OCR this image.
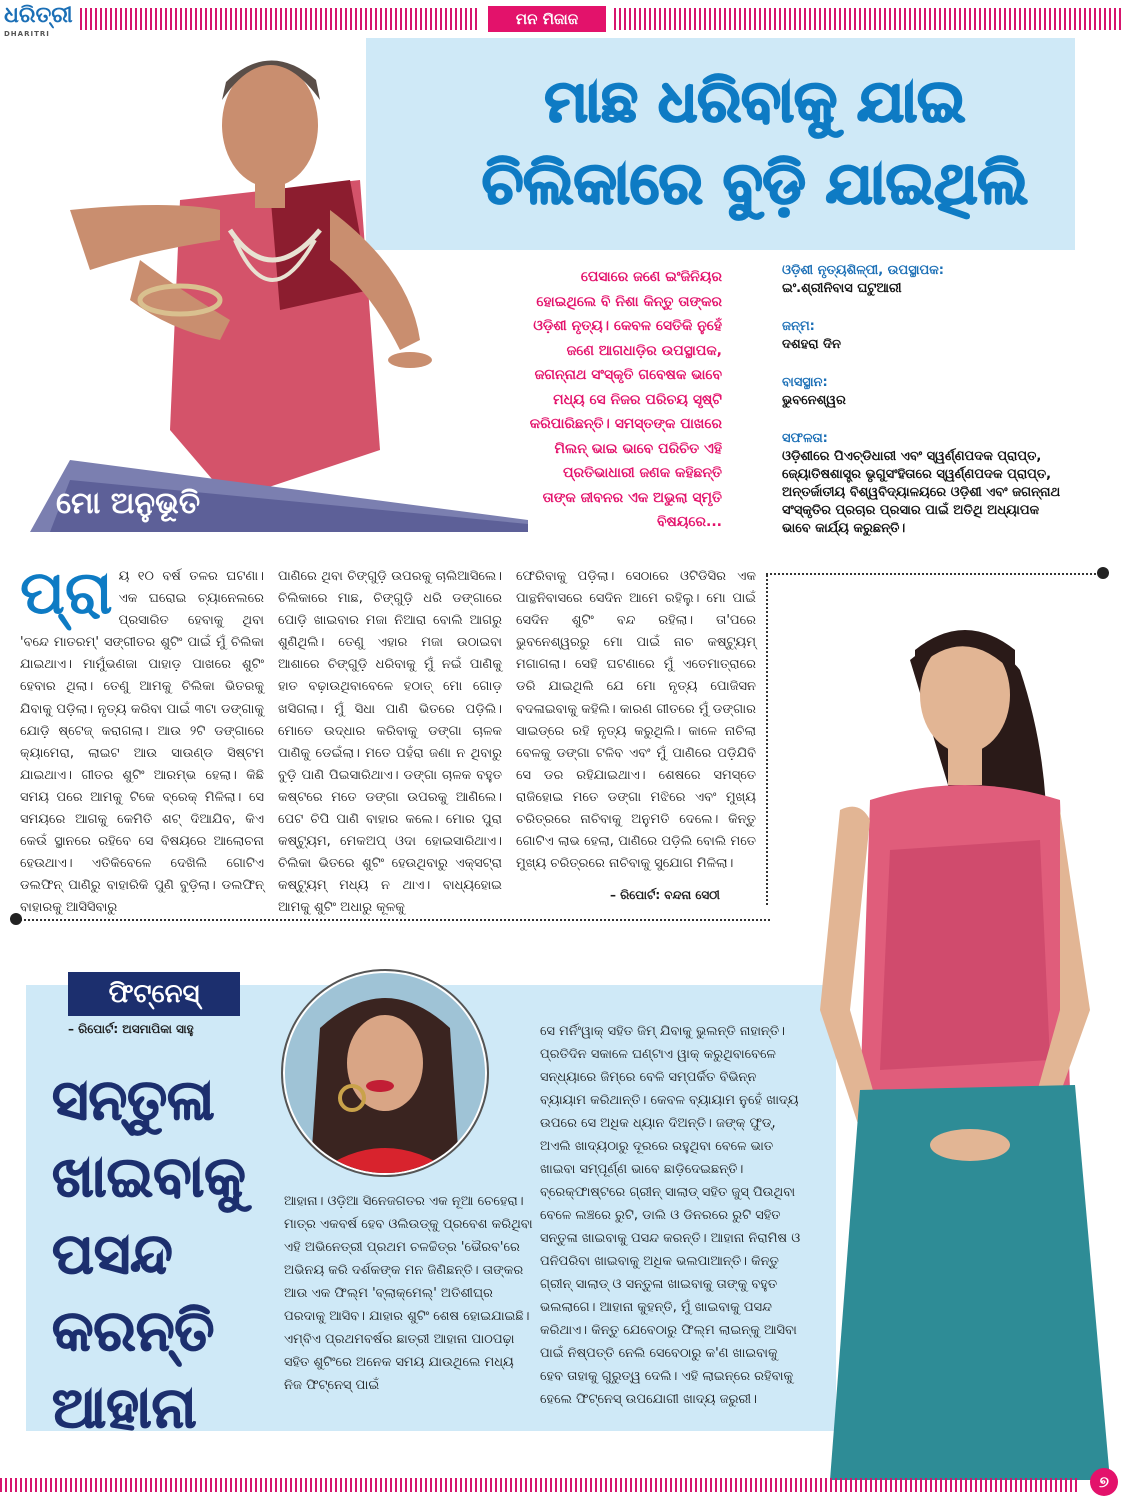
ଧରିତ୍ରୀ
DHARITRI
ମନ ମିଜାଜ
ମାଛ ଧରିବାକୁ ଯାଇ
ଚିଲିକାରେ ବୁଡ଼ି ଯାଇଥିଲି
ମୋ ଅନୁଭୂତି
ପେସାରେ ଜଣେ ଇଂଜିନିୟର ହୋଇଥିଲେ ବି ନିଶା କିନ୍ତୁ ତାଙ୍କର ଓଡ଼ିଶୀ ନୃତ୍ୟ। କେବଳ ସେତିକି ନୁହେଁ ଜଣେ ଆଗଧାଡ଼ିର ଉପସ୍ଥାପକ, ଜଗନ୍ନାଥ ସଂସ୍କୃତି ଗବେଷକ ଭାବେ ମଧ୍ୟ ସେ ନିଜର ପରିଚୟ ସୃଷ୍ଟି କରିପାରିଛନ୍ତି। ସମସ୍ତଙ୍କ ପାଖରେ ମିଲନ୍ ଭାଇ ଭାବେ ପରିଚିତ ଏହି ପ୍ରତିଭାଧାରୀ ଜଣକ କହିଛନ୍ତି ତାଙ୍କ ଜୀବନର ଏକ ଅଭୁଲା ସ୍ମୃତି ବିଷୟରେ...
ଓଡ଼ିଶୀ ନୃତ୍ୟଶିଳ୍ପୀ, ଉପସ୍ଥାପକ:
ଇଂ.ଶ୍ରୀନିବାସ ଘଟୁଆରୀ
ଜନ୍ମ:
ଦଶହରା ଦିନ
ବାସସ୍ଥାନ:
ଭୁବନେଶ୍ୱର
ସଫଳତା:
ଓଡ଼ିଶୀରେ ପିଏଚ୍‌ଡିଧାରୀ ଏବଂ ସ୍ୱର୍ଣ୍ଣପଦକ ପ୍ରାପ୍ତ, ଜ୍ୟୋତିଷଶାସ୍ତ୍ର ଭୃଗୁସଂହିତାରେ ସ୍ୱର୍ଣ୍ଣପଦକ ପ୍ରାପ୍ତ, ଅନ୍ତର୍ଜାତୀୟ ବିଶ୍ୱବିଦ୍ୟାଳୟରେ ଓଡ଼ିଶୀ ଏବଂ ଜଗନ୍ନାଥ ସଂସ୍କୃତିର ପ୍ରଚାର ପ୍ରସାର ପାଇଁ ଅତିଥି ଅଧ୍ୟାପକ ଭାବେ କାର୍ଯ୍ୟ କରୁଛନ୍ତି।
ପ୍ରା ୟ ୧୦ ବର୍ଷ ତଳର ଘଟଣା। ଏକ ଘରୋଇ ଚ୍ୟାନେଲରେ ପ୍ରସାରିତ ହେବାକୁ ଥିବା 'ବନ୍ଦେ ମାତରମ୍' ସଙ୍ଗୀତର ଶୁଟିଂ ପାଇଁ ମୁଁ ଚିଲିକା ଯାଇଥାଏ। ମାମୁଁଭଣଜା ପାହାଡ଼ ପାଖରେ ଶୁଟିଂ ହେବାର ଥିଲା। ତେଣୁ ଆମକୁ ଚିଲିକା ଭିତରକୁ ଯିବାକୁ ପଡ଼ିଲା। ନୃତ୍ୟ କରିବା ପାଇଁ ୩ଟା ଡଙ୍ଗାକୁ ଯୋଡ଼ି ଷ୍ଟେଜ୍ କରାଗଲା। ଆଉ ୨ଟି ଡଙ୍ଗାରେ କ୍ୟାମେରା, ଲାଇଟ ଆଉ ସାଉଣ୍ଡ ସିଷ୍ଟମ ଯାଇଥାଏ। ଗୀତର ଶୁଟିଂ ଆରମ୍ଭ ହେଲା। କିଛି ସମୟ ପରେ ଆମକୁ ଟିକେ ବ୍ରେକ୍ ମିଳିଲା। ସେ ସମୟରେ ଆଗକୁ କେମିତି ଶଟ୍ ଦିଆଯିବ, କିଏ କେଉଁ ସ୍ଥାନରେ ରହିବେ ସେ ବିଷୟରେ ଆଲୋଚନା ହେଉଥାଏ। ଏତିକିବେଳେ ଦେଖିଲି ଗୋଟିଏ ଡଲଫିନ୍ ପାଣିରୁ ବାହାରିକି ପୁଣି ବୁଡ଼ିଲା। ଡଲଫିନ୍ ବାହାରକୁ ଆସିସିବାରୁ
ପାଣିରେ ଥିବା ଚିଙ୍ଗୁଡ଼ି ଉପରକୁ ଚାଲିଆସିଲେ। ଚିଲିକାରେ ମାଛ, ଚିଙ୍ଗୁଡ଼ି ଧରି ଡଙ୍ଗାରେ ପୋଡ଼ି ଖାଇବାର ମଜା ନିଆରା ବୋଲି ଆଗରୁ ଶୁଣିଥିଲି। ତେଣୁ ଏହାର ମଜା ଉଠାଇବା ଆଶାରେ ଚିଙ୍ଗୁଡ଼ି ଧରିବାକୁ ମୁଁ ନଇଁ ପାଣିକୁ ହାତ ବଢ଼ାଉଥିବାବେଳେ ହଠାତ୍ ମୋ ଗୋଡ଼ ଖସିଗଲା। ମୁଁ ସିଧା ପାଣି ଭିତରେ ପଡ଼ିଲି। ମୋତେ ଉଦ୍ଧାର କରିବାକୁ ଡଙ୍ଗା ଚାଳକ ପାଣିକୁ ଡେଇଁଲା। ମତେ ପହଁରା ଜଣା ନ ଥିବାରୁ ବୁଡ଼ି ପାଣି ପିଇସାରିଥାଏ। ଡଙ୍ଗା ଚାଳକ ବହୁତ କଷ୍ଟରେ ମତେ ଡଙ୍ଗା ଉପରକୁ ଆଣିଲେ। ପେଟ ଚିପି ପାଣି ବାହାର କଲେ। ମୋର ପୁରା କଷ୍ଟ୍ୟୁମ, ମେକଅପ୍ ଓଦା ହୋଇସାରିଥାଏ। ଚିଲିକା ଭିତରେ ଶୁଟିଂ ହେଉଥିବାରୁ ଏକ୍ସଟ୍ରା କଷ୍ଟ୍ୟୁମ୍ ମଧ୍ୟ ନ ଥାଏ। ବାଧ୍ୟହୋଇ ଆମକୁ ଶୁଟିଂ ଅଧାରୁ କୂଳକୁ
ଫେରିବାକୁ ପଡ଼ିଲା। ସେଠାରେ ଓଟିଡିସିର ଏକ ପାନ୍ଥନିବାସରେ ସେଦିନ ଆମେ ରହିଲୁ। ମୋ ପାଇଁ ସେଦିନ ଶୁଟିଂ ବନ୍ଦ ରହିଲା। ତା'ପରେ ଭୁବନେଶ୍ୱରରୁ ମୋ ପାଇଁ ନାଚ କଷ୍ଟ୍ୟୁମ୍ ମଗାଗଲା। ସେହି ଘଟଣାରେ ମୁଁ ଏତେମାତ୍ରାରେ ଡରି ଯାଇଥିଲି ଯେ ମୋ ନୃତ୍ୟ ପୋଜିସନ ବଦଳାଇବାକୁ କହିଲି। କାରଣ ଗୀତରେ ମୁଁ ଡଙ୍ଗାର ସାଇଡ୍‌ରେ ରହି ନୃତ୍ୟ କରୁଥିଲି। କାଳେ ନାଚିଲା ବେଳକୁ ଡଙ୍ଗା ଟଳିବ ଏବଂ ମୁଁ ପାଣିରେ ପଡ଼ିଯିବି ସେ ଡର ରହିଯାଇଥାଏ। ଶେଷରେ ସମସ୍ତେ ରାଜିହୋଇ ମତେ ଡଙ୍ଗା ମଝିରେ ଏବଂ ମୁଖ୍ୟ ଚରିତ୍ରରେ ନାଚିବାକୁ ଅନୁମତି ଦେଲେ। କିନ୍ତୁ ଗୋଟିଏ ଲାଭ ହେଲା, ପାଣିରେ ପଡ଼ିଲି ବୋଲି ମତେ ମୁଖ୍ୟ ଚରିତ୍ରରେ ନାଚିବାକୁ ସୁଯୋଗ ମିଳିଲା।
– ରିପୋର୍ଟ: ବନ୍ଦନା ସେଠୀ
ଫିଟ୍‌ନେସ୍
– ରିପୋର୍ଟ: ଅସମାପିକା ସାହୁ
ସନ୍ତୁଳା
ଖାଇବାକୁ
ପସନ୍ଦ
କରନ୍ତି
ଆହାନା
ଆହାନା। ଓଡ଼ିଆ ସିନେଜଗତର ଏକ ନୂଆ ଚେହେରା। ମାତ୍ର ଏକବର୍ଷ ହେବ ଓଲିଉଡ୍‌କୁ ପ୍ରବେଶ କରିଥିବା ଏହି ଅଭିନେତ୍ରୀ ପ୍ରଥମ ଚଳଚ୍ଚିତ୍ର 'ଭୈରବ'ରେ ଅଭିନୟ କରି ଦର୍ଶକଙ୍କ ମନ ଜିଣିଛନ୍ତି। ତାଙ୍କର ଆଉ ଏକ ଫିଲ୍ମ 'ବ୍ଲାକ୍‌ମେଲ୍' ଅତିଶୀଘ୍ର ପରଦାକୁ ଆସିବ। ଯାହାର ଶୁଟିଂ ଶେଷ ହୋଇଯାଇଛି। ଏମ୍‌ବିଏ ପ୍ରଥମବର୍ଷର ଛାତ୍ରୀ ଆହାନା ପାଠପଢ଼ା ସହିତ ଶୁଟିଂରେ ଅନେକ ସମୟ ଯାଉଥିଲେ ମଧ୍ୟ ନିଜ ଫିଟ୍‌ନେସ୍ ପାଇଁ
ସେ ମର୍ନିଂୱାକ୍ ସହିତ ଜିମ୍ ଯିବାକୁ ଭୁଲନ୍ତି ନାହାନ୍ତି। ପ୍ରତିଦିନ ସକାଳେ ଘଣ୍ଟାଏ ୱାକ୍ କରୁଥିବାବେଳେ ସନ୍ଧ୍ୟାରେ ଜିମ୍‌ରେ ବେଳି ସମ୍ପର୍କିତ ବିଭିନ୍ନ ବ୍ୟାୟାମ କରିଥାନ୍ତି। କେବଳ ବ୍ୟାୟାମ ନୁହେଁ ଖାଦ୍ୟ ଉପରେ ସେ ଅଧିକ ଧ୍ୟାନ ଦିଅନ୍ତି। ଜଙ୍କ୍ ଫୁଡ୍, ଅଏଲି ଖାଦ୍ୟଠାରୁ ଦୂରରେ ରହୁଥିବା ବେଳେ ଭାତ ଖାଇବା ସମ୍ପୂର୍ଣ୍ଣ ଭାବେ ଛାଡ଼ିଦେଇଛନ୍ତି। ବ୍ରେକ୍‌ଫାଷ୍ଟରେ ଗ୍ରୀନ୍ ସାଲାଡ୍ ସହିତ ଜୁସ୍ ପିଉଥିବା ବେଳେ ଲଞ୍ଚରେ ରୁଟି, ଡାଲି ଓ ଡିନରରେ ରୁଟି ସହିତ ସନ୍ତୁଳା ଖାଇବାକୁ ପସନ୍ଦ କରନ୍ତି। ଆହାନା ନିରାମିଷ ଓ ପନିପରିବା ଖାଇବାକୁ ଅଧିକ ଭଲପାଆନ୍ତି। କିନ୍ତୁ ଗ୍ରୀନ୍ ସାଲାଡ୍ ଓ ସନ୍ତୁଳା ଖାଇବାକୁ ତାଙ୍କୁ ବହୁତ ଭଲଲାଗେ। ଆହାନା କୁହନ୍ତି, ମୁଁ ଖାଇବାକୁ ପସନ୍ଦ କରିଥାଏ। କିନ୍ତୁ ଯେବେଠାରୁ ଫିଲ୍ମ ଲାଇନ୍‌କୁ ଆସିବା ପାଇଁ ନିଷ୍ପତ୍ତି ନେଲି ସେବେଠାରୁ କ'ଣ ଖାଇବାକୁ ହେବ ତାହାକୁ ଗୁରୁତ୍ୱ ଦେଲି। ଏହି ଲାଇନ୍‌ରେ ରହିବାକୁ ହେଲେ ଫିଟ୍‌ନେସ୍ ଉପଯୋଗୀ ଖାଦ୍ୟ ଜରୁରୀ।
୭
